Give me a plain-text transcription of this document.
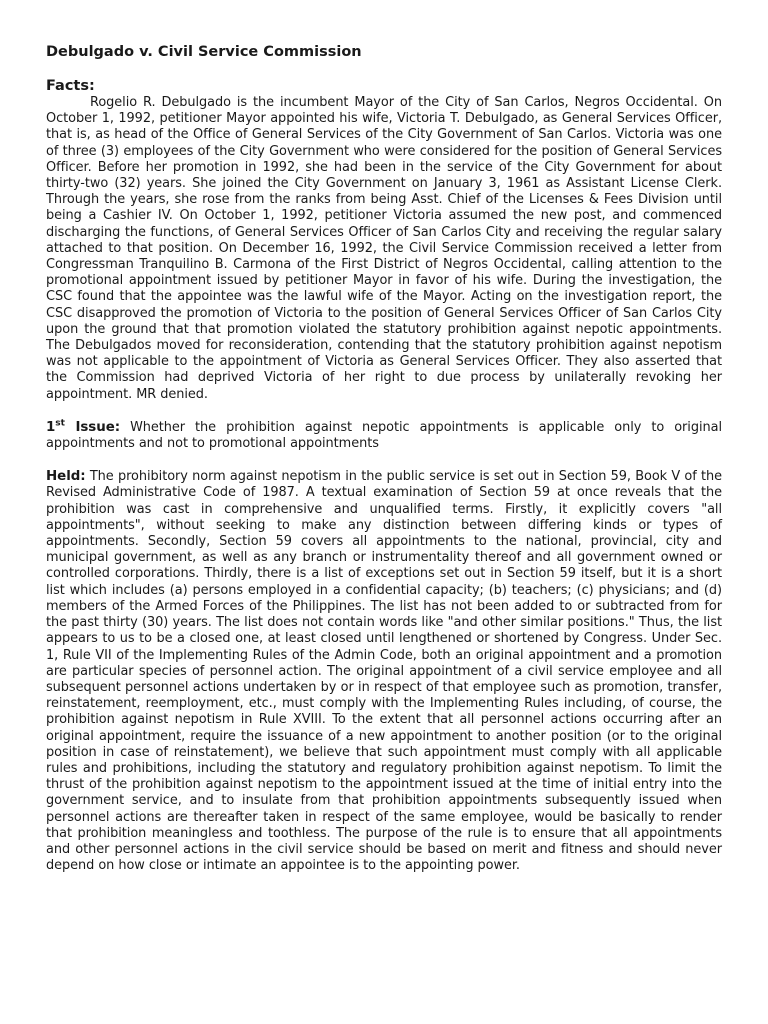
Debulgado v. Civil Service Commission
Facts:

Rogelio R. Debulgado is the incumbent Mayor of the City of San Carlos, Negros Occidental. On October 1, 1992, petitioner Mayor appointed his wife, Victoria T. Debulgado, as General Services Officer, that is, as head of the Office of General Services of the City Government of San Carlos. Victoria was one of three (3) employees of the City Government who were considered for the position of General Services Officer. Before her promotion in 1992, she had been in the service of the City Government for about thirty-two (32) years. She joined the City Government on January 3, 1961 as Assistant License Clerk. Through the years, she rose from the ranks from being Asst. Chief of the Licenses & Fees Division until being a Cashier IV. On October 1, 1992, petitioner Victoria assumed the new post, and commenced discharging the functions, of General Services Officer of San Carlos City and receiving the regular salary attached to that position. On December 16, 1992, the Civil Service Commission received a letter from Congressman Tranquilino B. Carmona of the First District of Negros Occidental, calling attention to the promotional appointment issued by petitioner Mayor in favor of his wife. During the investigation, the CSC found that the appointee was the lawful wife of the Mayor. Acting on the investigation report, the CSC disapproved the promotion of Victoria to the position of General Services Officer of San Carlos City upon the ground that that promotion violated the statutory prohibition against nepotic appointments. The Debulgados moved for reconsideration, contending that the statutory prohibition against nepotism was not applicable to the appointment of Victoria as General Services Officer. They also asserted that the Commission had deprived Victoria of her right to due process by unilaterally revoking her appointment. MR denied.

1st Issue: Whether the prohibition against nepotic appointments is applicable only to original appointments and not to promotional appointments

Held: The prohibitory norm against nepotism in the public service is set out in Section 59, Book V of the Revised Administrative Code of 1987. A textual examination of Section 59 at once reveals that the prohibition was cast in comprehensive and unqualified terms. Firstly, it explicitly covers "all appointments", without seeking to make any distinction between differing kinds or types of appointments. Secondly, Section 59 covers all appointments to the national, provincial, city and municipal government, as well as any branch or instrumentality thereof and all government owned or controlled corporations. Thirdly, there is a list of exceptions set out in Section 59 itself, but it is a short list which includes (a) persons employed in a confidential capacity; (b) teachers; (c) physicians; and (d) members of the Armed Forces of the Philippines. The list has not been added to or subtracted from for the past thirty (30) years. The list does not contain words like "and other similar positions." Thus, the list appears to us to be a closed one, at least closed until lengthened or shortened by Congress. Under Sec. 1, Rule VII of the Implementing Rules of the Admin Code, both an original appointment and a promotion are particular species of personnel action. The original appointment of a civil service employee and all subsequent personnel actions undertaken by or in respect of that employee such as promotion, transfer, reinstatement, reemployment, etc., must comply with the Implementing Rules including, of course, the prohibition against nepotism in Rule XVIII. To the extent that all personnel actions occurring after an original appointment, require the issuance of a new appointment to another position (or to the original position in case of reinstatement), we believe that such appointment must comply with all applicable rules and prohibitions, including the statutory and regulatory prohibition against nepotism. To limit the thrust of the prohibition against nepotism to the appointment issued at the time of initial entry into the government service, and to insulate from that prohibition appointments subsequently issued when personnel actions are thereafter taken in respect of the same employee, would be basically to render that prohibition meaningless and toothless. The purpose of the rule is to ensure that all appointments and other personnel actions in the civil service should be based on merit and fitness and should never depend on how close or intimate an appointee is to the appointing power.
